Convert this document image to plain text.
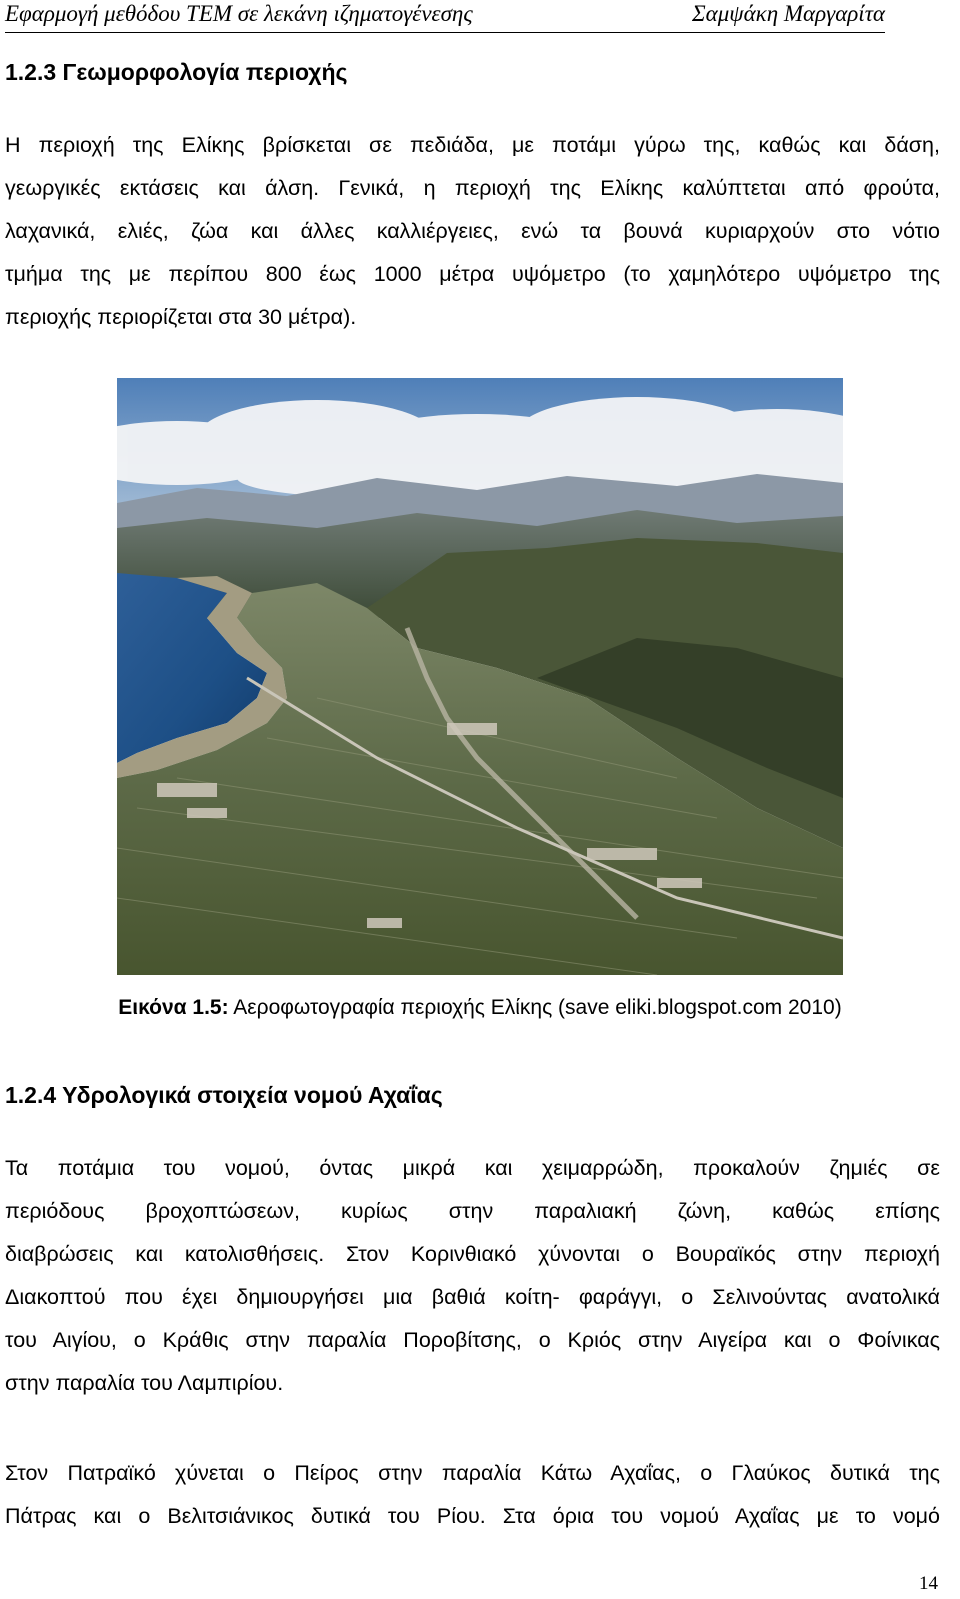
Εφαρμογή μεθόδου TEM σε λεκάνη ιζηματογένεσης	Σαμψάκη Μαργαρίτα
1.2.3 Γεωμορφολογία περιοχής
Η περιοχή της Ελίκης βρίσκεται σε πεδιάδα, με ποτάμι γύρω της, καθώς και δάση,
γεωργικές εκτάσεις και άλση. Γενικά, η περιοχή της Ελίκης καλύπτεται από φρούτα,
λαχανικά, ελιές, ζώα και άλλες καλλιέργειες, ενώ τα βουνά κυριαρχούν στο νότιο
τμήμα της με περίπου 800 έως 1000 μέτρα υψόμετρο (το χαμηλότερο υψόμετρο της
περιοχής περιορίζεται στα 30 μέτρα).
Εικόνα 1.5: Αεροφωτογραφία περιοχής Ελίκης (save eliki.blogspot.com 2010)
1.2.4 Υδρολογικά στοιχεία νομού Αχαΐας
Τα ποτάμια του νομού, όντας μικρά και χειμαρρώδη, προκαλούν ζημιές σε
περιόδους βροχοπτώσεων, κυρίως στην παραλιακή ζώνη, καθώς επίσης
διαβρώσεις και κατολισθήσεις. Στον Κορινθιακό χύνονται ο Βουραϊκός στην περιοχή
Διακοπτού που έχει δημιουργήσει μια βαθιά κοίτη- φαράγγι, ο Σελινούντας ανατολικά
του Αιγίου, ο Κράθις στην παραλία Ποροβίτσης, ο Κριός στην Αιγείρα και ο Φοίνικας
στην παραλία του Λαμπιρίου.
Στον Πατραϊκό χύνεται ο Πείρος στην παραλία Κάτω Αχαΐας, ο Γλαύκος δυτικά της
Πάτρας και ο Βελιτσιάνικος δυτικά του Ρίου. Στα όρια του νομού Αχαΐας με το νομό
14
